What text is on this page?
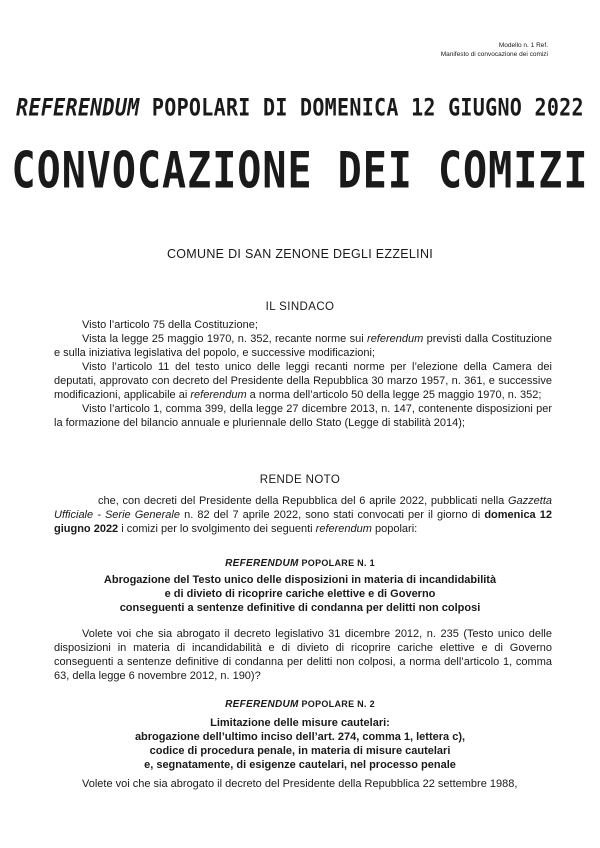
Modello n. 1 Ref.
Manifesto di convocazione dei comizi
REFERENDUM POPOLARI DI DOMENICA 12 GIUGNO 2022
CONVOCAZIONE DEI COMIZI
COMUNE DI SAN ZENONE DEGLI EZZELINI
IL SINDACO

Visto l’articolo 75 della Costituzione;

Vista la legge 25 maggio 1970, n. 352, recante norme sui referendum previsti dalla Costituzione e sulla iniziativa legislativa del popolo, e successive modificazioni;

Visto l’articolo 11 del testo unico delle leggi recanti norme per l’elezione della Camera dei deputati, approvato con decreto del Presidente della Repubblica 30 marzo 1957, n. 361, e successive modificazioni, applicabile ai referendum a norma dell’articolo 50 della legge 25 maggio 1970, n. 352;

Visto l’articolo 1, comma 399, della legge 27 dicembre 2013, n. 147, contenente disposizioni per la formazione del bilancio annuale e pluriennale dello Stato (Legge di stabilità 2014);

RENDE NOTO

che, con decreti del Presidente della Repubblica del 6 aprile 2022, pubblicati nella Gazzetta Ufficiale - Serie Generale n. 82 del 7 aprile 2022, sono stati convocati per il giorno di domenica 12 giugno 2022 i comizi per lo svolgimento dei seguenti referendum popolari:

REFERENDUM POPOLARE N. 1
Abrogazione del Testo unico delle disposizioni in materia di incandidabilità
e di divieto di ricoprire cariche elettive e di Governo
conseguenti a sentenze definitive di condanna per delitti non colposi

Volete voi che sia abrogato il decreto legislativo 31 dicembre 2012, n. 235 (Testo unico delle disposizioni in materia di incandidabilità e di divieto di ricoprire cariche elettive e di Governo conseguenti a sentenze definitive di condanna per delitti non colposi, a norma dell’articolo 1, comma 63, della legge 6 novembre 2012, n. 190)?

REFERENDUM POPOLARE N. 2
Limitazione delle misure cautelari:
abrogazione dell’ultimo inciso dell’art. 274, comma 1, lettera c),
codice di procedura penale, in materia di misure cautelari
e, segnatamente, di esigenze cautelari, nel processo penale

Volete voi che sia abrogato il decreto del Presidente della Repubblica 22 settembre 1988,
